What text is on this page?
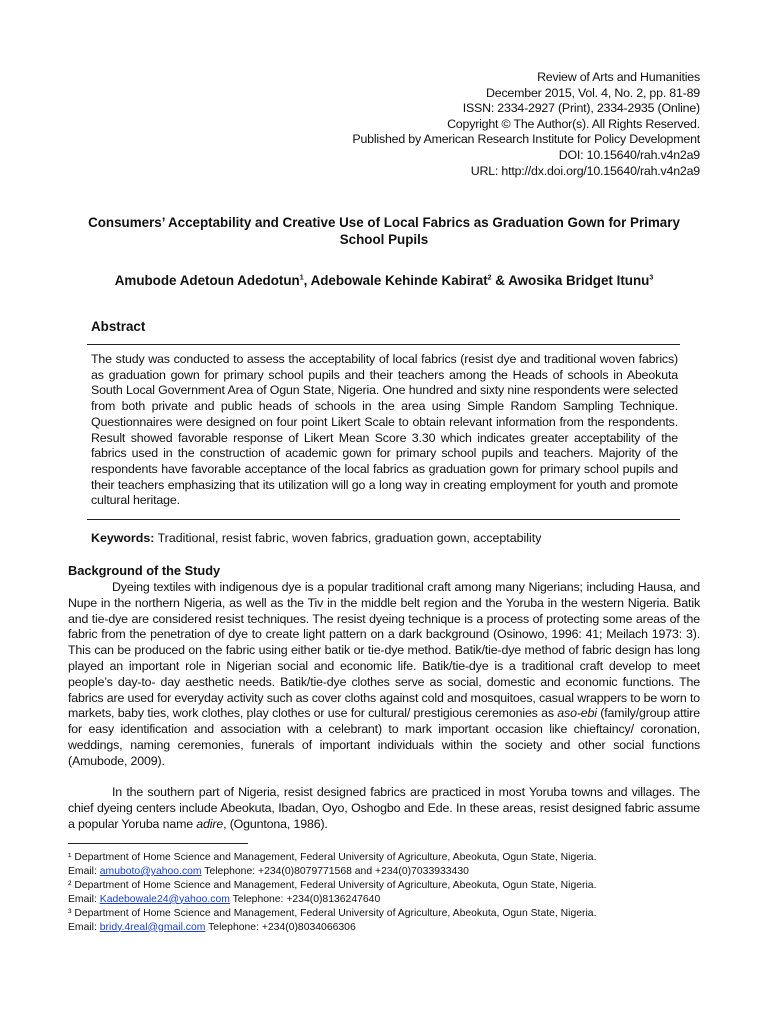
Review of Arts and Humanities
December 2015, Vol. 4, No. 2, pp. 81-89
ISSN: 2334-2927 (Print), 2334-2935 (Online)
Copyright © The Author(s). All Rights Reserved.
Published by American Research Institute for Policy Development
DOI: 10.15640/rah.v4n2a9
URL: http://dx.doi.org/10.15640/rah.v4n2a9
Consumers’ Acceptability and Creative Use of Local Fabrics as Graduation Gown for Primary School Pupils
Amubode Adetoun Adedotun$^1$, Adebowale Kehinde Kabirat$^2$ & Awosika Bridget Itunu$^3$
Abstract
The study was conducted to assess the acceptability of local fabrics (resist dye and traditional woven fabrics) as graduation gown for primary school pupils and their teachers among the Heads of schools in Abeokuta South Local Government Area of Ogun State, Nigeria. One hundred and sixty nine respondents were selected from both private and public heads of schools in the area using Simple Random Sampling Technique. Questionnaires were designed on four point Likert Scale to obtain relevant information from the respondents. Result showed favorable response of Likert Mean Score 3.30 which indicates greater acceptability of the fabrics used in the construction of academic gown for primary school pupils and teachers. Majority of the respondents have favorable acceptance of the local fabrics as graduation gown for primary school pupils and their teachers emphasizing that its utilization will go a long way in creating employment for youth and promote cultural heritage.
Keywords: Traditional, resist fabric, woven fabrics, graduation gown, acceptability
Background of the Study
Dyeing textiles with indigenous dye is a popular traditional craft among many Nigerians; including Hausa, and Nupe in the northern Nigeria, as well as the Tiv in the middle belt region and the Yoruba in the western Nigeria. Batik and tie-dye are considered resist techniques. The resist dyeing technique is a process of protecting some areas of the fabric from the penetration of dye to create light pattern on a dark background (Osinowo, 1996: 41; Meilach 1973: 3). This can be produced on the fabric using either batik or tie-dye method. Batik/tie-dye method of fabric design has long played an important role in Nigerian social and economic life. Batik/tie-dye is a traditional craft develop to meet people’s day-to- day aesthetic needs. Batik/tie-dye clothes serve as social, domestic and economic functions. The fabrics are used for everyday activity such as cover cloths against cold and mosquitoes, casual wrappers to be worn to markets, baby ties, work clothes, play clothes or use for cultural/ prestigious ceremonies as aso-ebi (family/group attire for easy identification and association with a celebrant) to mark important occasion like chieftaincy/ coronation, weddings, naming ceremonies, funerals of important individuals within the society and other social functions (Amubode, 2009).
In the southern part of Nigeria, resist designed fabrics are practiced in most Yoruba towns and villages. The chief dyeing centers include Abeokuta, Ibadan, Oyo, Oshogbo and Ede. In these areas, resist designed fabric assume a popular Yoruba name adire, (Oguntona, 1986).
¹ Department of Home Science and Management, Federal University of Agriculture, Abeokuta, Ogun State, Nigeria.
Email: amuboto@yahoo.com Telephone: +234(0)8079771568 and +234(0)7033933430
² Department of Home Science and Management, Federal University of Agriculture, Abeokuta, Ogun State, Nigeria.
Email: Kadebowale24@yahoo.com Telephone: +234(0)8136247640
³ Department of Home Science and Management, Federal University of Agriculture, Abeokuta, Ogun State, Nigeria.
Email: bridy.4real@gmail.com Telephone: +234(0)8034066306
